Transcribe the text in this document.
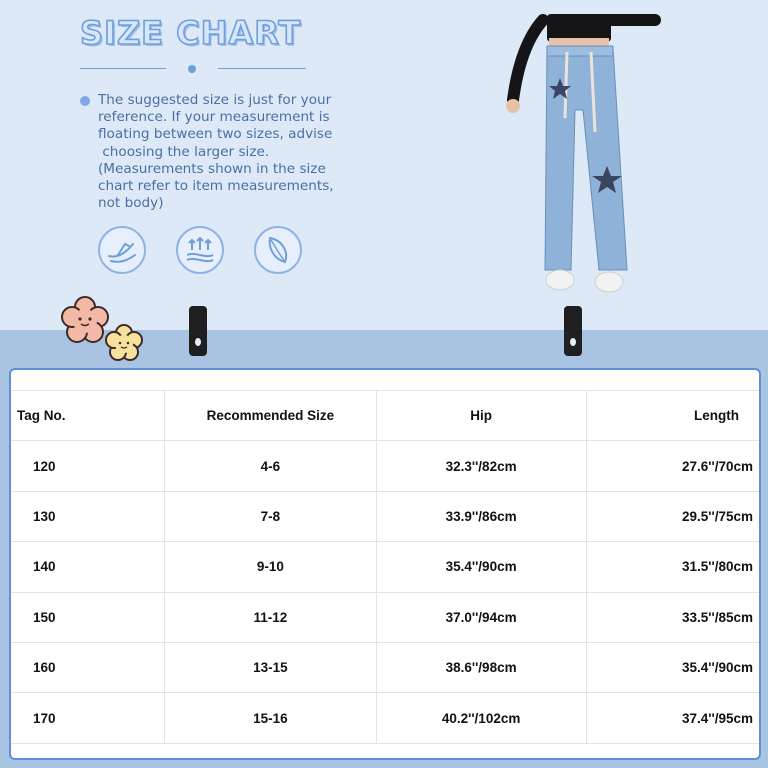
SIZE CHART
The suggested size is just for your
reference. If your measurement is
floating between two sizes, advise
choosing the larger size.
(Measurements shown in the size
chart refer to item measurements,
not body)
Tag No.	Recommended Size	Hip	Length
120	4-6	32.3''/82cm	27.6''/70cm
130	7-8	33.9''/86cm	29.5''/75cm
140	9-10	35.4''/90cm	31.5''/80cm
150	11-12	37.0''/94cm	33.5''/85cm
160	13-15	38.6''/98cm	35.4''/90cm
170	15-16	40.2''/102cm	37.4''/95cm
